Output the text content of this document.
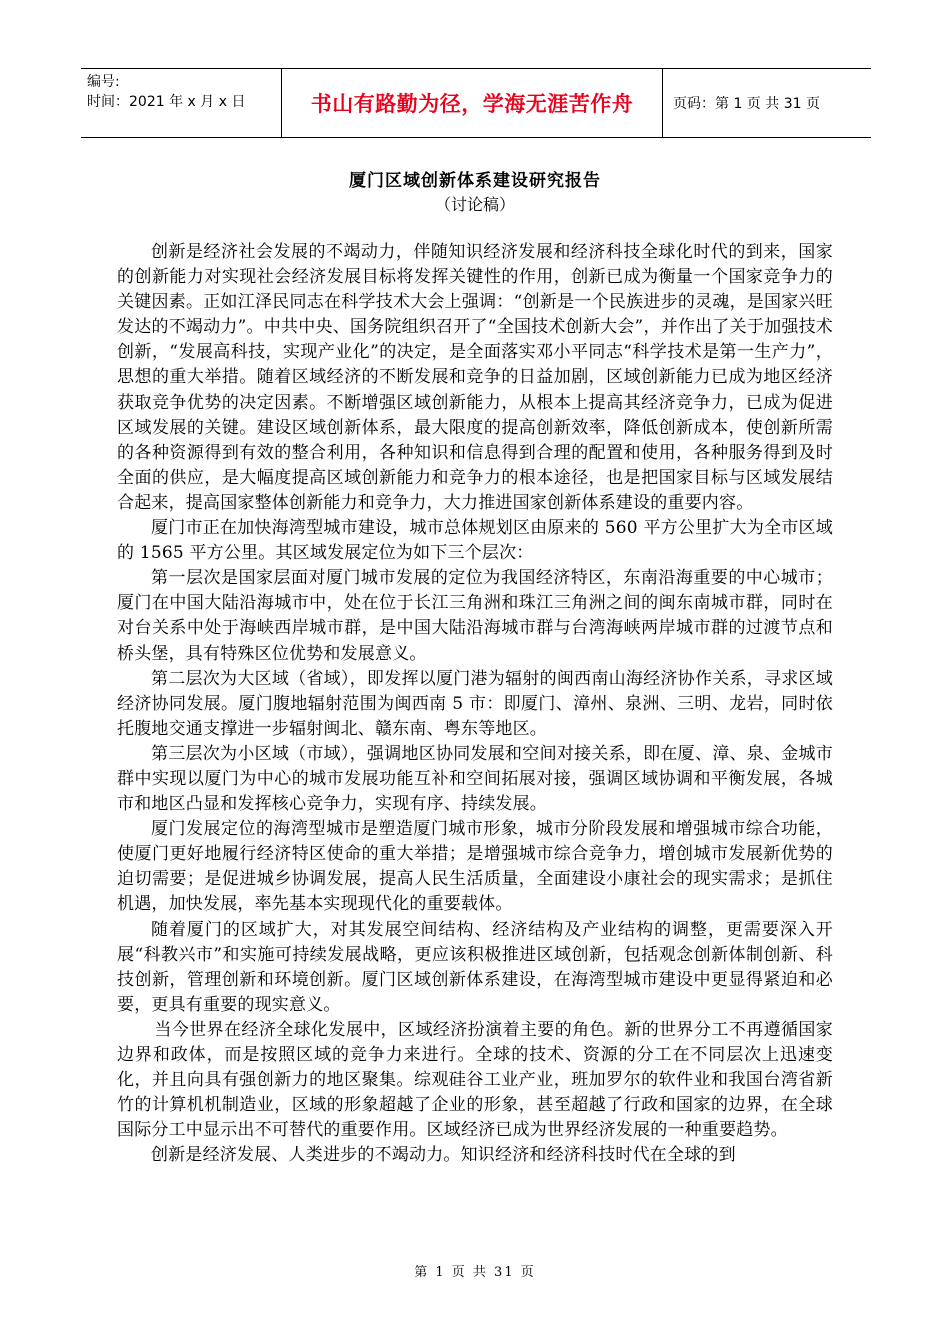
编号:
时间：2021 年 x 月 x 日	书山有路勤为径，学海无涯苦作舟	页码：第 1 页 共 31 页
厦门区域创新体系建设研究报告
（讨论稿）

创新是经济社会发展的不竭动力，伴随知识经济发展和经济科技全球化时代的到来，国家的创新能力对实现社会经济发展目标将发挥关键性的作用，创新已成为衡量一个国家竞争力的关键因素。正如江泽民同志在科学技术大会上强调：“创新是一个民族进步的灵魂，是国家兴旺发达的不竭动力”。中共中央、国务院组织召开了“全国技术创新大会”，并作出了关于加强技术创新，“发展高科技，实现产业化”的决定，是全面落实邓小平同志“科学技术是第一生产力”，思想的重大举措。随着区域经济的不断发展和竞争的日益加剧，区域创新能力已成为地区经济获取竞争优势的决定因素。不断增强区域创新能力，从根本上提高其经济竞争力，已成为促进区域发展的关键。建设区域创新体系，最大限度的提高创新效率，降低创新成本，使创新所需的各种资源得到有效的整合利用，各种知识和信息得到合理的配置和使用，各种服务得到及时全面的供应，是大幅度提高区域创新能力和竞争力的根本途径，也是把国家目标与区域发展结合起来，提高国家整体创新能力和竞争力，大力推进国家创新体系建设的重要内容。

厦门市正在加快海湾型城市建设，城市总体规划区由原来的 560 平方公里扩大为全市区域的 1565 平方公里。其区域发展定位为如下三个层次：

第一层次是国家层面对厦门城市发展的定位为我国经济特区，东南沿海重要的中心城市；厦门在中国大陆沿海城市中，处在位于长江三角洲和珠江三角洲之间的闽东南城市群，同时在对台关系中处于海峡西岸城市群，是中国大陆沿海城市群与台湾海峡两岸城市群的过渡节点和桥头堡，具有特殊区位优势和发展意义。

第二层次为大区域（省域），即发挥以厦门港为辐射的闽西南山海经济协作关系，寻求区域经济协同发展。厦门腹地辐射范围为闽西南 5 市：即厦门、漳州、泉洲、三明、龙岩，同时依托腹地交通支撑进一步辐射闽北、赣东南、粤东等地区。

第三层次为小区域（市域），强调地区协同发展和空间对接关系，即在厦、漳、泉、金城市群中实现以厦门为中心的城市发展功能互补和空间拓展对接，强调区域协调和平衡发展，各城市和地区凸显和发挥核心竞争力，实现有序、持续发展。

厦门发展定位的海湾型城市是塑造厦门城市形象，城市分阶段发展和增强城市综合功能，使厦门更好地履行经济特区使命的重大举措；是增强城市综合竞争力，增创城市发展新优势的迫切需要；是促进城乡协调发展，提高人民生活质量，全面建设小康社会的现实需求；是抓住机遇，加快发展，率先基本实现现代化的重要载体。

随着厦门的区域扩大，对其发展空间结构、经济结构及产业结构的调整，更需要深入开展“科教兴市”和实施可持续发展战略，更应该积极推进区域创新，包括观念创新体制创新、科技创新，管理创新和环境创新。厦门区域创新体系建设，在海湾型城市建设中更显得紧迫和必要，更具有重要的现实意义。

当今世界在经济全球化发展中，区域经济扮演着主要的角色。新的世界分工不再遵循国家边界和政体，而是按照区域的竞争力来进行。全球的技术、资源的分工在不同层次上迅速变化，并且向具有强创新力的地区聚集。综观硅谷工业产业，班加罗尔的软件业和我国台湾省新竹的计算机机制造业，区域的形象超越了企业的形象，甚至超越了行政和国家的边界，在全球国际分工中显示出不可替代的重要作用。区域经济已成为世界经济发展的一种重要趋势。

创新是经济发展、人类进步的不竭动力。知识经济和经济科技时代在全球的到

第 1 页 共 31 页
